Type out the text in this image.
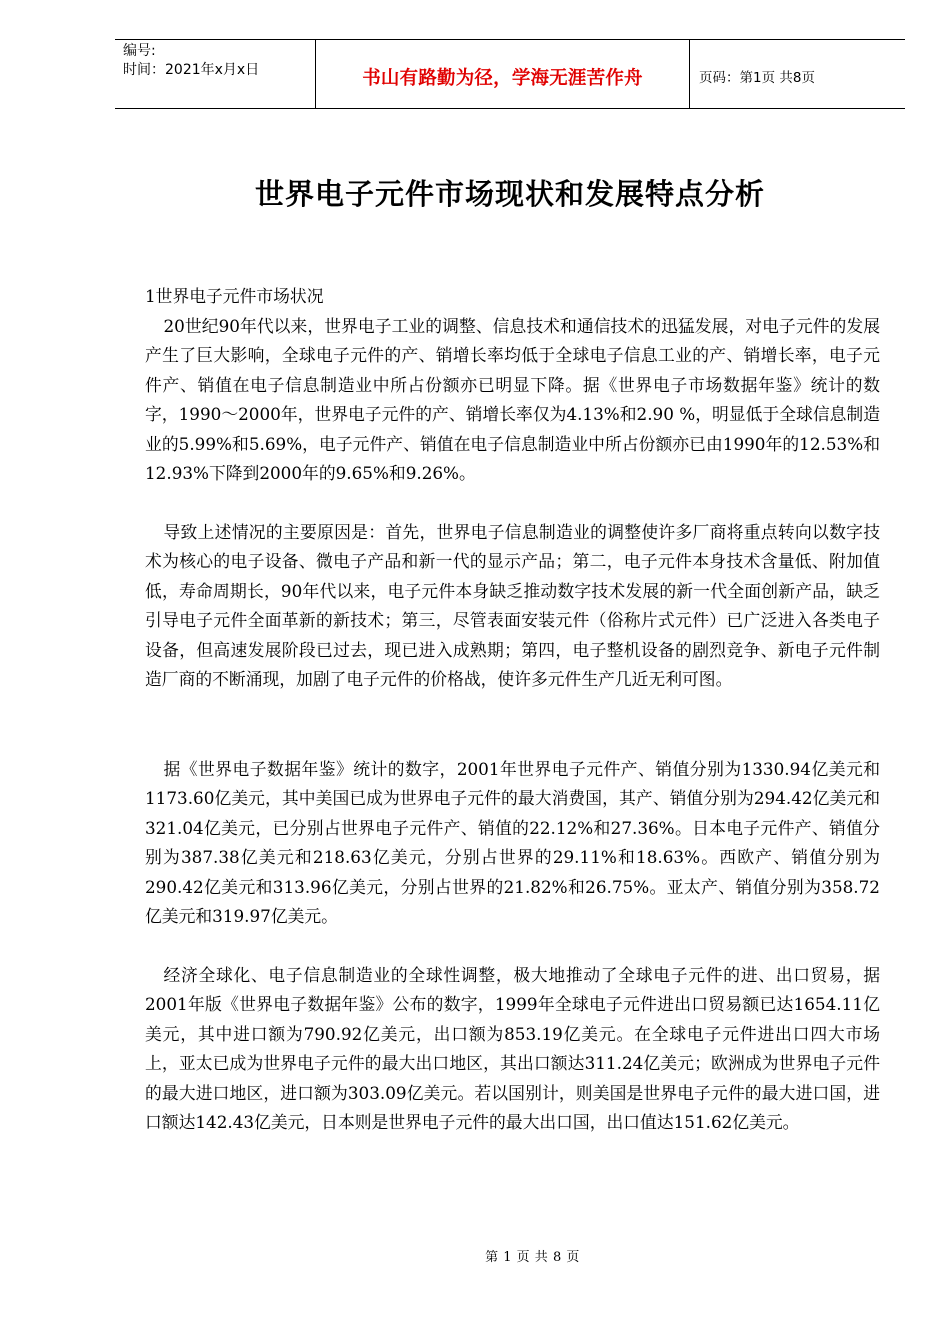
编号:
时间：2021年x月x日	书山有路勤为径，学海无涯苦作舟	页码：第1页 共8页
世界电子元件市场现状和发展特点分析

1世界电子元件市场状况

20世纪90年代以来，世界电子工业的调整、信息技术和通信技术的迅猛发展，对电子元件的发展产生了巨大影响，全球电子元件的产、销增长率均低于全球电子信息工业的产、销增长率，电子元件产、销值在电子信息制造业中所占份额亦已明显下降。据《世界电子市场数据年鉴》统计的数字，1990～2000年，世界电子元件的产、销增长率仅为4.13%和2.90 %，明显低于全球信息制造业的5.99%和5.69%，电子元件产、销值在电子信息制造业中所占份额亦已由1990年的12.53%和12.93%下降到2000年的9.65%和9.26%。

导致上述情况的主要原因是：首先，世界电子信息制造业的调整使许多厂商将重点转向以数字技术为核心的电子设备、微电子产品和新一代的显示产品；第二，电子元件本身技术含量低、附加值低，寿命周期长，90年代以来，电子元件本身缺乏推动数字技术发展的新一代全面创新产品，缺乏引导电子元件全面革新的新技术；第三，尽管表面安装元件（俗称片式元件）已广泛进入各类电子设备，但高速发展阶段已过去，现已进入成熟期；第四，电子整机设备的剧烈竞争、新电子元件制造厂商的不断涌现，加剧了电子元件的价格战，使许多元件生产几近无利可图。

据《世界电子数据年鉴》统计的数字，2001年世界电子元件产、销值分别为1330.94亿美元和1173.60亿美元，其中美国已成为世界电子元件的最大消费国，其产、销值分别为294.42亿美元和321.04亿美元，已分别占世界电子元件产、销值的22.12%和27.36%。日本电子元件产、销值分别为387.38亿美元和218.63亿美元，分别占世界的29.11%和18.63%。西欧产、销值分别为290.42亿美元和313.96亿美元，分别占世界的21.82%和26.75%。亚太产、销值分别为358.72亿美元和319.97亿美元。

经济全球化、电子信息制造业的全球性调整，极大地推动了全球电子元件的进、出口贸易，据2001年版《世界电子数据年鉴》公布的数字，1999年全球电子元件进出口贸易额已达1654.11亿美元，其中进口额为790.92亿美元，出口额为853.19亿美元。在全球电子元件进出口四大市场上，亚太已成为世界电子元件的最大出口地区，其出口额达311.24亿美元；欧洲成为世界电子元件的最大进口地区，进口额为303.09亿美元。若以国别计，则美国是世界电子元件的最大进口国，进口额达142.43亿美元，日本则是世界电子元件的最大出口国，出口值达151.62亿美元。

第 1 页 共 8 页
